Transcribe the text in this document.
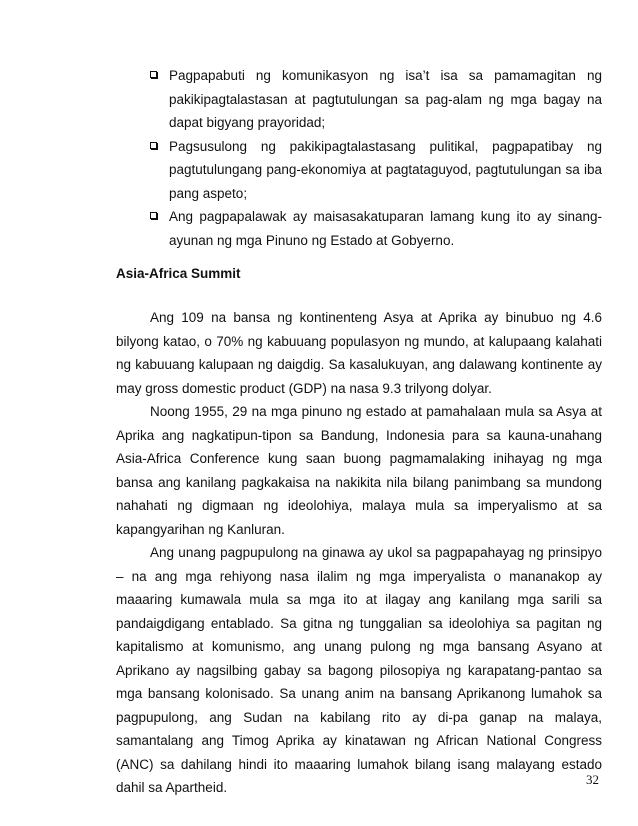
Pagpapabuti ng komunikasyon ng isa’t isa sa pamamagitan ng pakikipagtalastasan at pagtutulungan sa pag-alam ng mga bagay na dapat bigyang prayoridad;
Pagsusulong ng pakikipagtalastasang pulitikal, pagpapatibay ng pagtutulungang pang-ekonomiya at pagtataguyod, pagtutulungan sa iba pang aspeto;
Ang pagpapalawak ay maisasakatuparan lamang kung ito ay sinang-ayunan ng mga Pinuno ng Estado at Gobyerno.
Asia-Africa Summit

Ang 109 na bansa ng kontinenteng Asya at Aprika ay binubuo ng 4.6 bilyong katao, o 70% ng kabuuang populasyon ng mundo, at kalupaang kalahati ng kabuuang kalupaan ng daigdig. Sa kasalukuyan, ang dalawang kontinente ay may gross domestic product (GDP) na nasa 9.3 trilyong dolyar.

Noong 1955, 29 na mga pinuno ng estado at pamahalaan mula sa Asya at Aprika ang nagkatipun-tipon sa Bandung, Indonesia para sa kauna-unahang Asia-Africa Conference kung saan buong pagmamalaking inihayag ng mga bansa ang kanilang pagkakaisa na nakikita nila bilang panimbang sa mundong nahahati ng digmaan ng ideolohiya, malaya mula sa imperyalismo at sa kapangyarihan ng Kanluran.

Ang unang pagpupulong na ginawa ay ukol sa pagpapahayag ng prinsipyo – na ang mga rehiyong nasa ilalim ng mga imperyalista o mananakop ay maaaring kumawala mula sa mga ito at ilagay ang kanilang mga sarili sa pandaigdigang entablado. Sa gitna ng tunggalian sa ideolohiya sa pagitan ng kapitalismo at komunismo, ang unang pulong ng mga bansang Asyano at Aprikano ay nagsilbing gabay sa bagong pilosopiya ng karapatang-pantao sa mga bansang kolonisado. Sa unang anim na bansang Aprikanong lumahok sa pagpupulong, ang Sudan na kabilang rito ay di-pa ganap na malaya, samantalang ang Timog Aprika ay kinatawan ng African National Congress (ANC) sa dahilang hindi ito maaaring lumahok bilang isang malayang estado dahil sa Apartheid.

32
